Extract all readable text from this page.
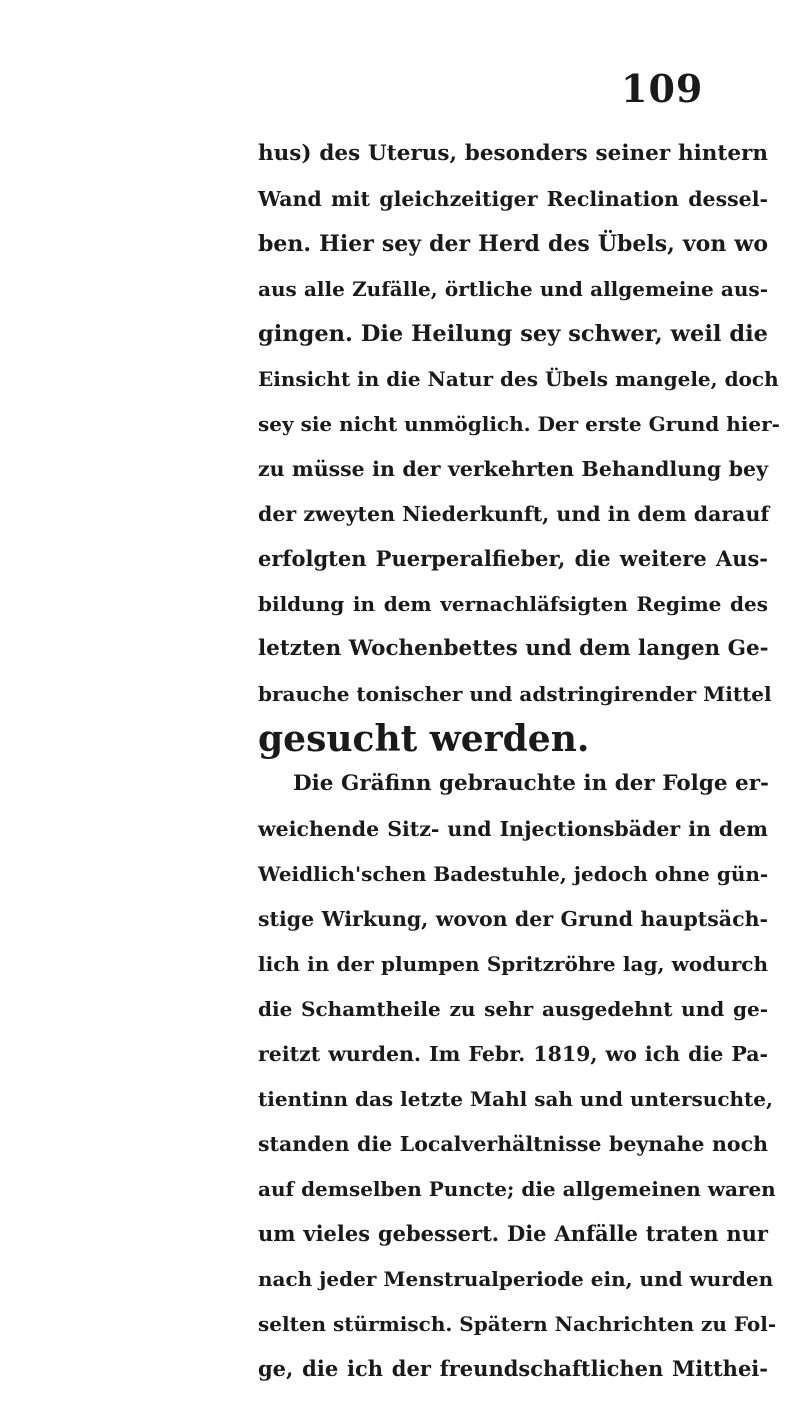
109
hus) des Uterus, besonders seiner hintern
Wand mit gleichzeitiger Reclination dessel-
ben. Hier sey der Herd des Übels, von wo
aus alle Zufälle, örtliche und allgemeine aus-
gingen. Die Heilung sey schwer, weil die
Einsicht in die Natur des Übels mangele, doch
sey sie nicht unmöglich. Der erste Grund hier-
zu müsse in der verkehrten Behandlung bey
der zweyten Niederkunft, und in dem darauf
erfolgten Puerperalfieber, die weitere Aus-
bildung in dem vernachläfsigten Regime des
letzten Wochenbettes und dem langen Ge-
brauche tonischer und adstringirender Mittel
gesucht werden.
Die Gräfinn gebrauchte in der Folge er-
weichende Sitz- und Injectionsbäder in dem
Weidlich'schen Badestuhle, jedoch ohne gün-
stige Wirkung, wovon der Grund hauptsäch-
lich in der plumpen Spritzröhre lag, wodurch
die Schamtheile zu sehr ausgedehnt und ge-
reitzt wurden. Im Febr. 1819, wo ich die Pa-
tientinn das letzte Mahl sah und untersuchte,
standen die Localverhältnisse beynahe noch
auf demselben Puncte; die allgemeinen waren
um vieles gebessert. Die Anfälle traten nur
nach jeder Menstrualperiode ein, und wurden
selten stürmisch. Spätern Nachrichten zu Fol-
ge, die ich der freundschaftlichen Mitthei-
